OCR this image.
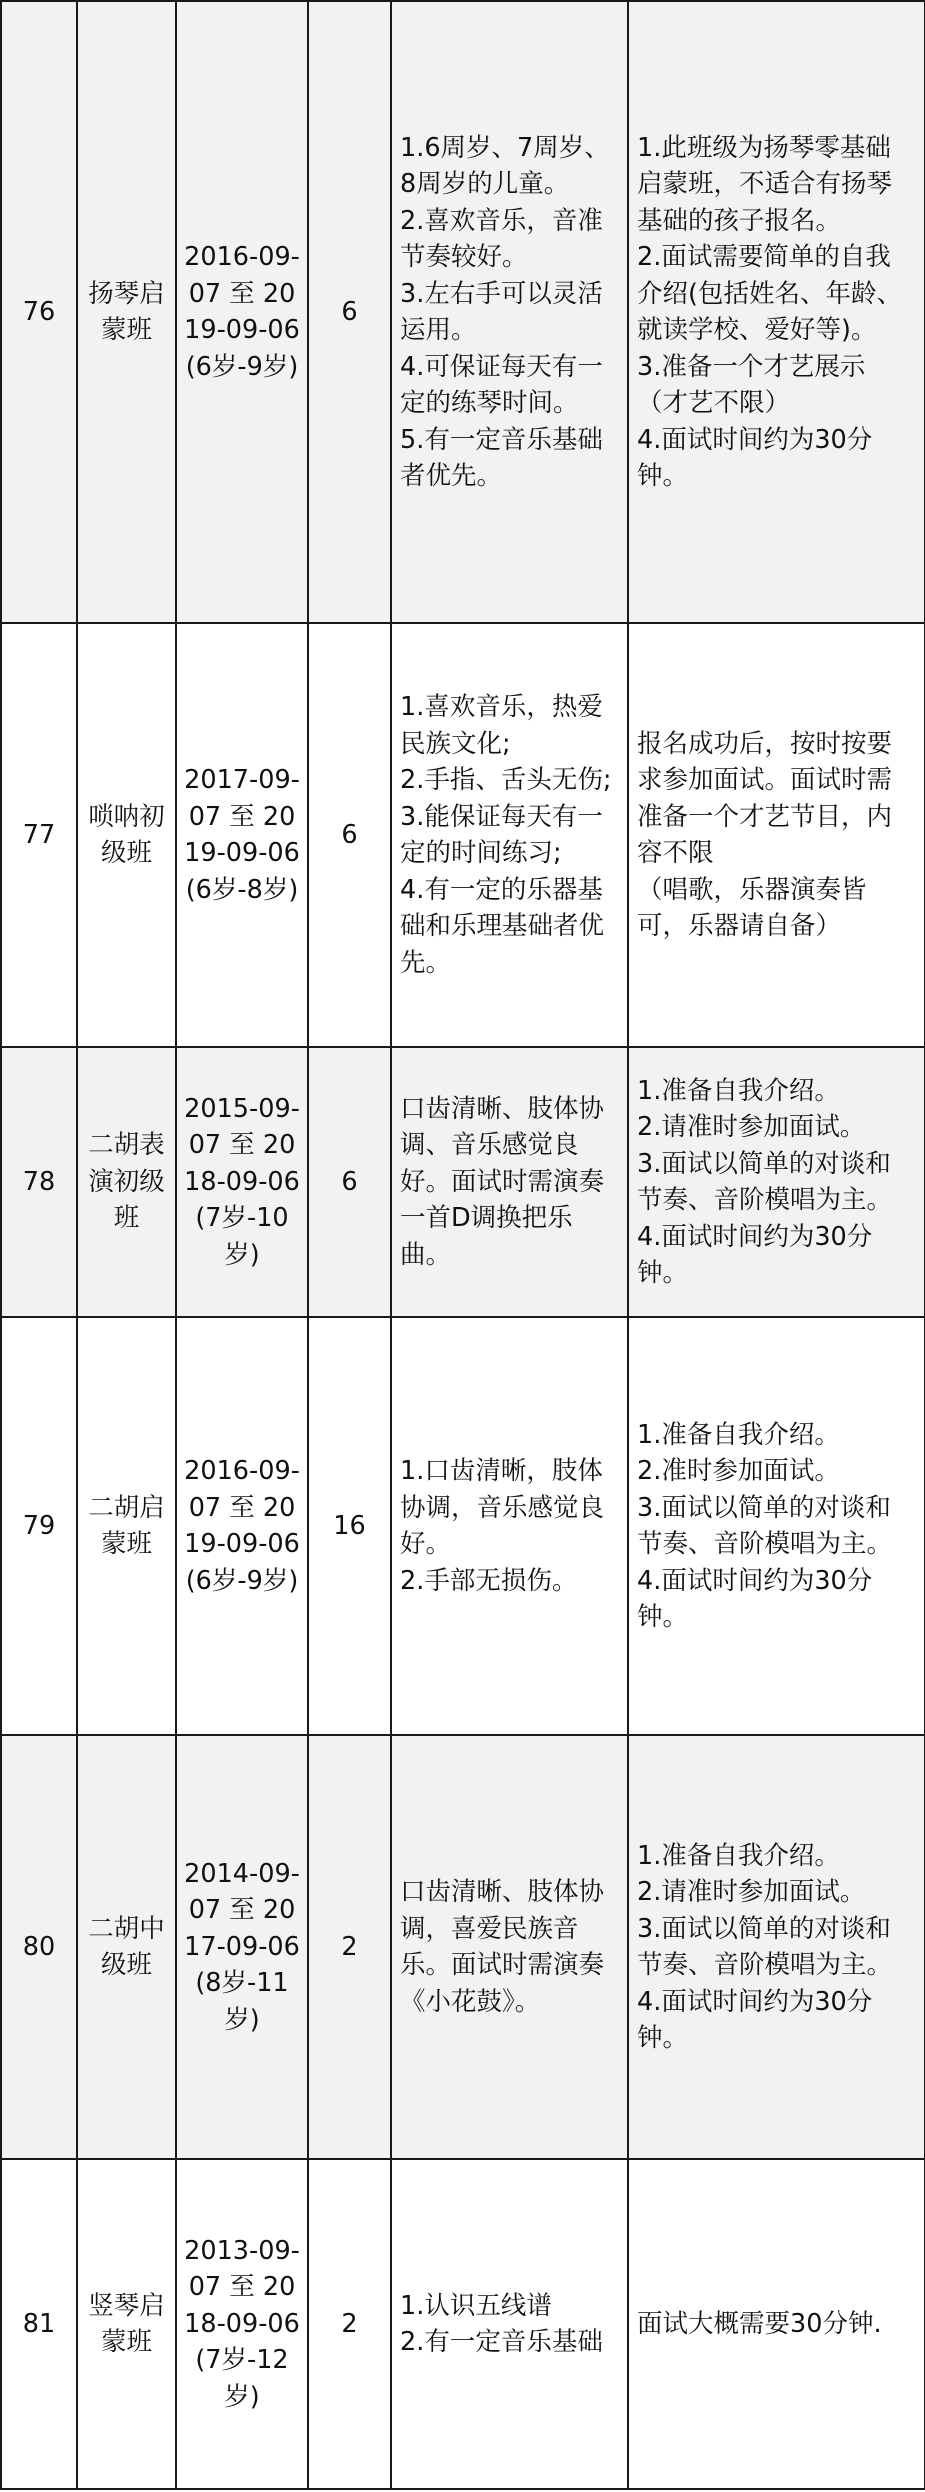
76	扬琴启蒙班	2016-09-07 至 2019-09-06(6岁-9岁)	6	1.6周岁、7周岁、8周岁的儿童。
2.喜欢音乐，音准节奏较好。
3.左右手可以灵活运用。
4.可保证每天有一定的练琴时间。
5.有一定音乐基础者优先。	1.此班级为扬琴零基础启蒙班，不适合有扬琴基础的孩子报名。
2.面试需要简单的自我介绍(包括姓名、年龄、就读学校、爱好等)。
3.准备一个才艺展示（才艺不限）
4.面试时间约为30分钟。

77	唢呐初级班	2017-09-07 至 2019-09-06(6岁-8岁)	6	1.喜欢音乐，热爱民族文化;
2.手指、舌头无伤;
3.能保证每天有一定的时间练习;
4.有一定的乐器基础和乐理基础者优先。	报名成功后，按时按要求参加面试。面试时需准备一个才艺节目，内容不限
（唱歌，乐器演奏皆可，乐器请自备）

78	二胡表演初级班	2015-09-07 至 2018-09-06(7岁-10岁)	6	口齿清晰、肢体协调、音乐感觉良好。面试时需演奏一首D调换把乐曲。	1.准备自我介绍。
2.请准时参加面试。
3.面试以简单的对谈和节奏、音阶模唱为主。
4.面试时间约为30分钟。

79	二胡启蒙班	2016-09-07 至 2019-09-06(6岁-9岁)	16	1.口齿清晰，肢体协调，音乐感觉良好。
2.手部无损伤。	1.准备自我介绍。
2.准时参加面试。
3.面试以简单的对谈和节奏、音阶模唱为主。
4.面试时间约为30分钟。

80	二胡中级班	2014-09-07 至 2017-09-06(8岁-11岁)	2	口齿清晰、肢体协调，喜爱民族音乐。面试时需演奏《小花鼓》。	1.准备自我介绍。
2.请准时参加面试。
3.面试以简单的对谈和节奏、音阶模唱为主。
4.面试时间约为30分钟。

81	竖琴启蒙班	2013-09-07 至 2018-09-06(7岁-12岁)	2	1.认识五线谱
2.有一定音乐基础	面试大概需要30分钟.
